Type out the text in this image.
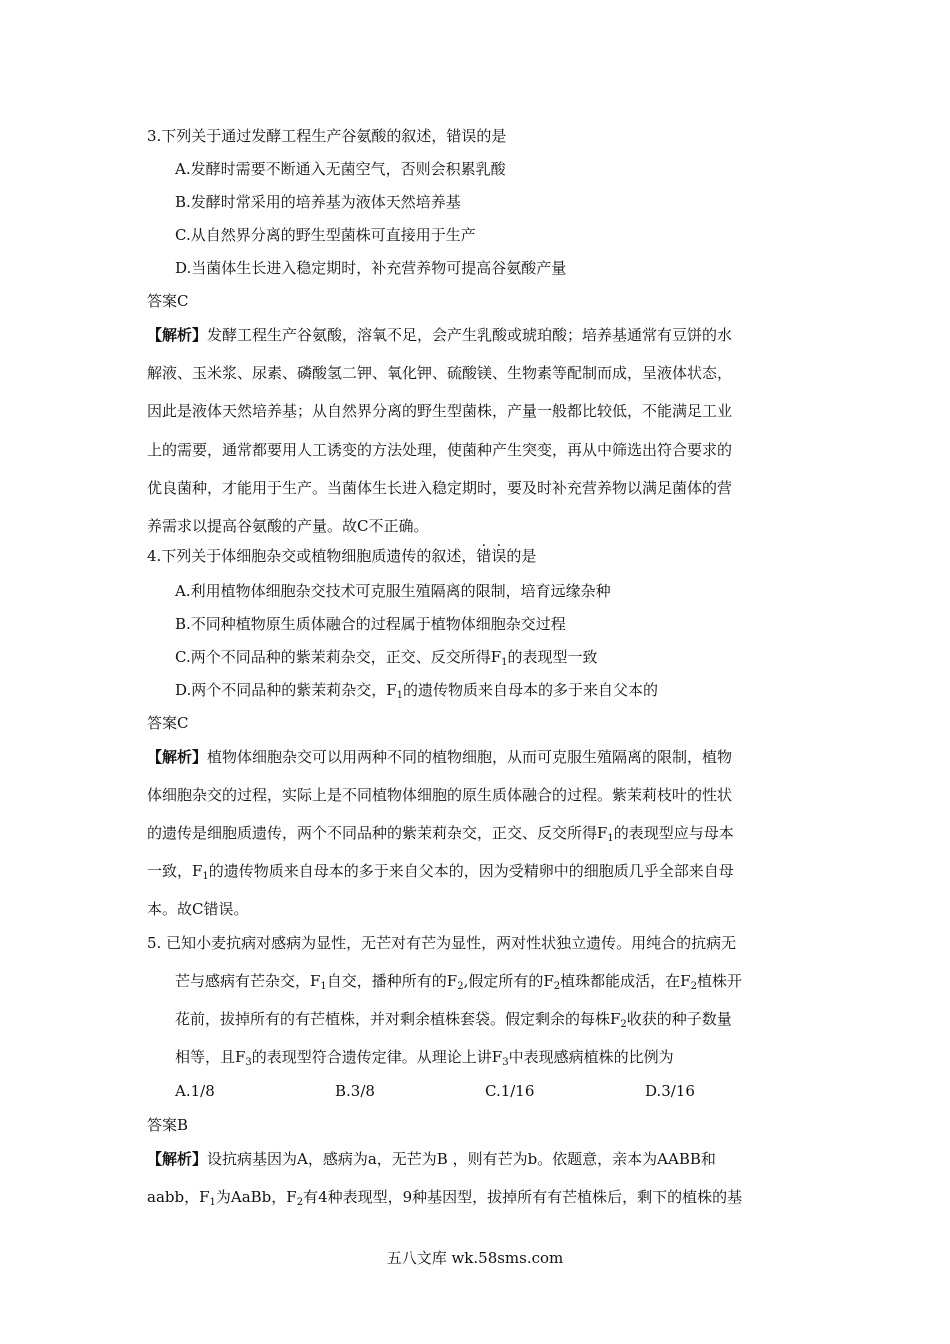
3.下列关于通过发酵工程生产谷氨酸的叙述，错误的是
A.发酵时需要不断通入无菌空气，否则会积累乳酸
B.发酵时常采用的培养基为液体天然培养基
C.从自然界分离的野生型菌株可直接用于生产
D.当菌体生长进入稳定期时，补充营养物可提高谷氨酸产量
答案C
【解析】发酵工程生产谷氨酸，溶氧不足，会产生乳酸或琥珀酸；培养基通常有豆饼的水
解液、玉米浆、尿素、磷酸氢二钾、氧化钾、硫酸镁、生物素等配制而成，呈液体状态，
因此是液体天然培养基；从自然界分离的野生型菌株，产量一般都比较低，不能满足工业
上的需要，通常都要用人工诱变的方法处理，使菌种产生突变，再从中筛选出符合要求的
优良菌种，才能用于生产。当菌体生长进入稳定期时，要及时补充营养物以满足菌体的营
养需求以提高谷氨酸的产量。故C不正确。
4.下列关于体细胞杂交或植物细胞质遗传的叙述，错误的是
A.利用植物体细胞杂交技术可克服生殖隔离的限制，培育远缘杂种
B.不同种植物原生质体融合的过程属于植物体细胞杂交过程
C.两个不同品种的紫茉莉杂交，正交、反交所得$F_1$的表现型一致
D.两个不同品种的紫茉莉杂交，$F_1$的遗传物质来自母本的多于来自父本的
答案C
【解析】植物体细胞杂交可以用两种不同的植物细胞，从而可克服生殖隔离的限制，植物
体细胞杂交的过程，实际上是不同植物体细胞的原生质体融合的过程。紫茉莉枝叶的性状
的遗传是细胞质遗传，两个不同品种的紫茉莉杂交，正交、反交所得$F_1$的表现型应与母本
一致，$F_1$的遗传物质来自母本的多于来自父本的，因为受精卵中的细胞质几乎全部来自母
本。故C错误。
5. 已知小麦抗病对感病为显性，无芒对有芒为显性，两对性状独立遗传。用纯合的抗病无
芒与感病有芒杂交，$F_1$自交，播种所有的$F_2$,假定所有的$F_2$植珠都能成活，在$F_2$植株开
花前，拔掉所有的有芒植株，并对剩余植株套袋。假定剩余的每株$F_2$收获的种子数量
相等，且$F_3$的表现型符合遗传定律。从理论上讲$F_3$中表现感病植株的比例为
A.1/8	B.3/8	C.1/16	D.3/16
答案B
【解析】设抗病基因为A，感病为a，无芒为B ，则有芒为b。依题意，亲本为AABB和
aabb，$F_1$为AaBb，$F_2$有4种表现型，9种基因型，拔掉所有有芒植株后，剩下的植株的基
五八文库 wk.58sms.com
